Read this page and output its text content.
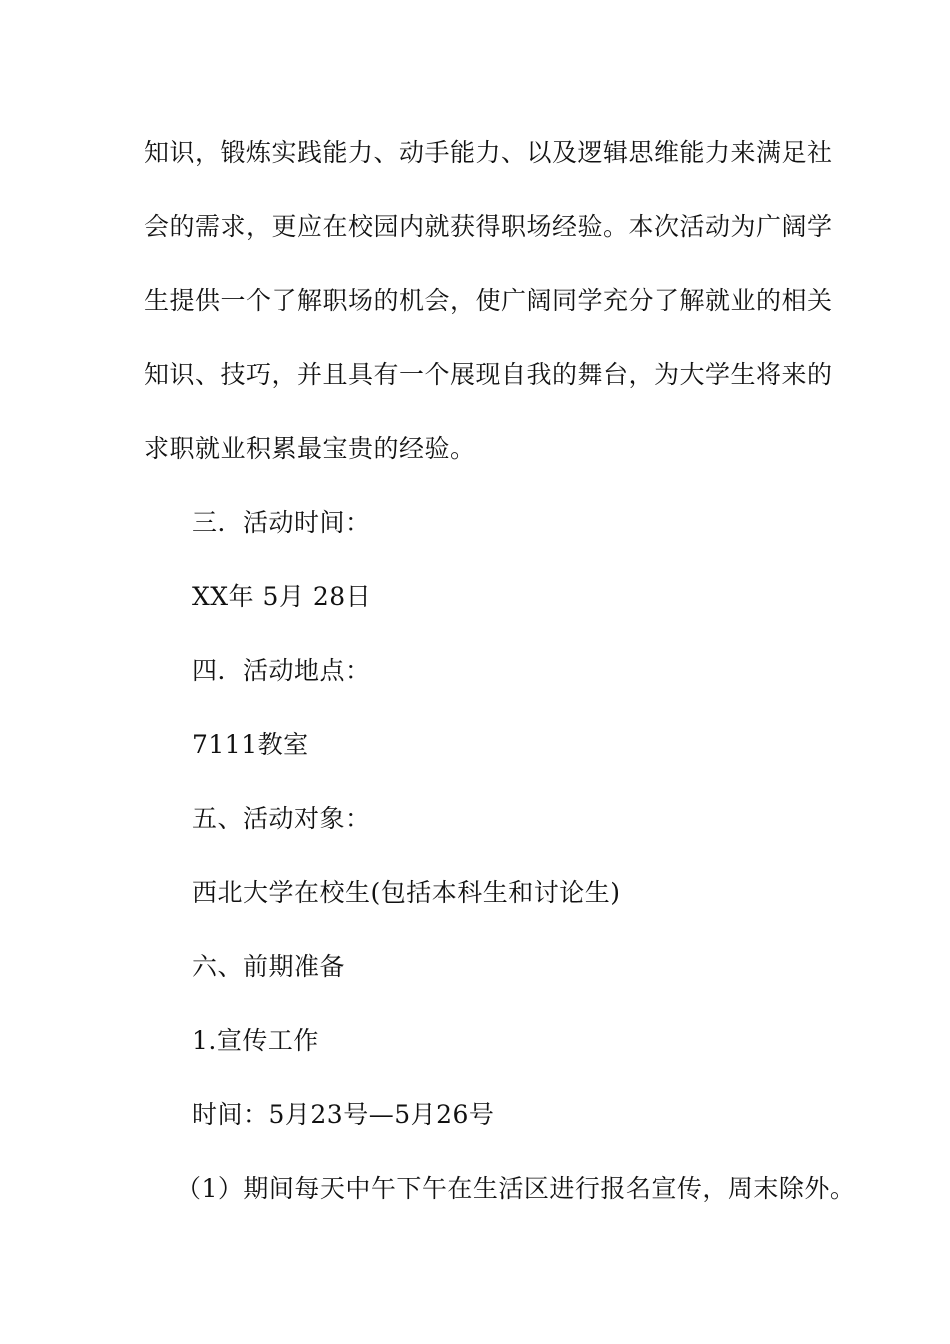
知识，锻炼实践能力、动手能力、以及逻辑思维能力来满足社
会的需求，更应在校园内就获得职场经验。本次活动为广阔学
生提供一个了解职场的机会，使广阔同学充分了解就业的相关
知识、技巧，并且具有一个展现自我的舞台，为大学生将来的
求职就业积累最宝贵的经验。
三．活动时间：
XX年 5月 28日
四．活动地点：
7111教室
五、活动对象：
西北大学在校生(包括本科生和讨论生)
六、前期准备
1.宣传工作
时间：5月23号—5月26号
（1）期间每天中午下午在生活区进行报名宣传，周末除外。
